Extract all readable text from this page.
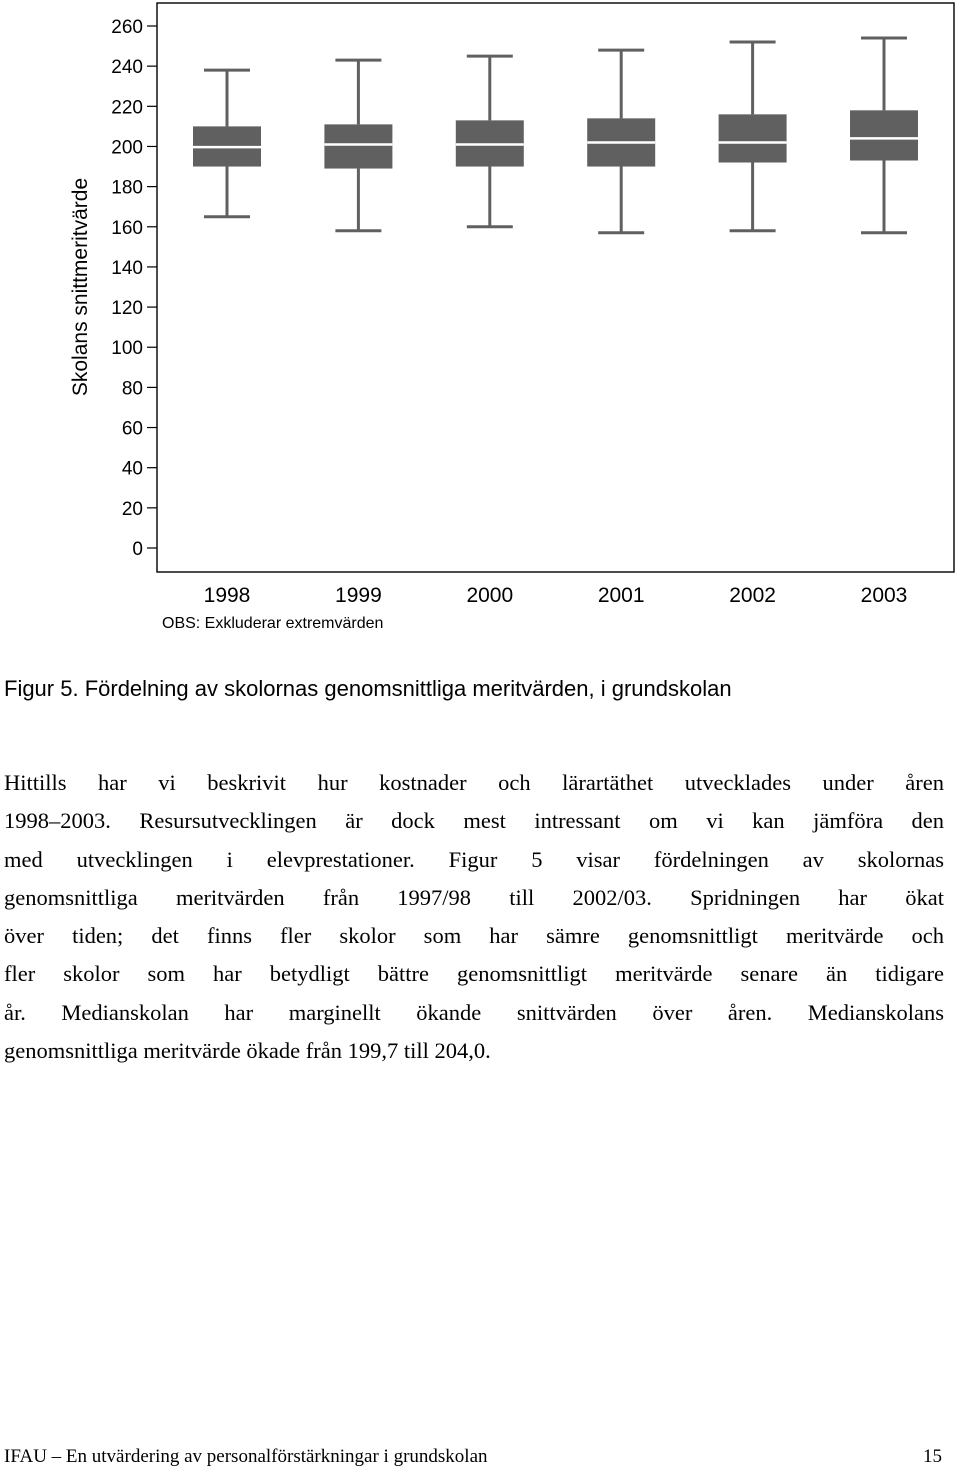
0
20
40
60
80
100
120
140
160
180
200
220
240
260
1998	1999	2000	2001	2002	2003
Skolans snittmeritvärde
OBS: Exkluderar extremvärden
Figur 5. Fördelning av skolornas genomsnittliga meritvärden, i grundskolan
Hittills har vi beskrivit hur kostnader och lärartäthet utvecklades under åren
1998–2003. Resursutvecklingen är dock mest intressant om vi kan jämföra den
med utvecklingen i elevprestationer. Figur 5 visar fördelningen av skolornas
genomsnittliga meritvärden från 1997/98 till 2002/03. Spridningen har ökat
över tiden; det finns fler skolor som har sämre genomsnittligt meritvärde och
fler skolor som har betydligt bättre genomsnittligt meritvärde senare än tidigare
år. Medianskolan har marginellt ökande snittvärden över åren. Medianskolans
genomsnittliga meritvärde ökade från 199,7 till 204,0.
IFAU – En utvärdering av personalförstärkningar i grundskolan	15
